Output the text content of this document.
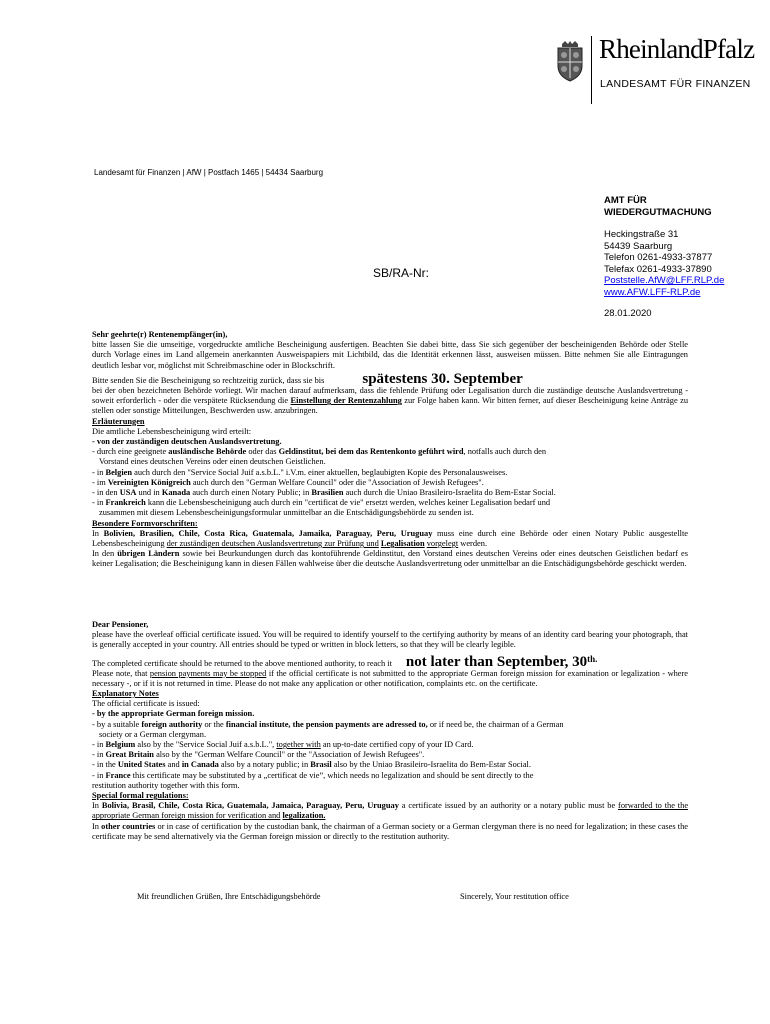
RheinlandPfalz
LANDESAMT FÜR FINANZEN
Landesamt für Finanzen | AfW | Postfach 1465 | 54434 Saarburg
AMT FÜR
WIEDERGUTMACHUNG
Heckingstraße 31
54439 Saarburg
Telefon 0261-4933-37877
Telefax 0261-4933-37890
Poststelle.AfW@LFF.RLP.de
www.AFW.LFF-RLP.de
28.01.2020
SB/RA-Nr:

Sehr geehrte(r) Rentenempfänger(in),

bitte lassen Sie die umseitige, vorgedruckte amtliche Bescheinigung ausfertigen. Beachten Sie dabei bitte, dass Sie sich gegenüber der bescheinigenden Behörde oder Stelle durch Vorlage eines im Land allgemein anerkannten Ausweispapiers mit Lichtbild, das die Identität erkennen lässt, ausweisen müssen. Bitte nehmen Sie alle Eintragungen deutlich lesbar vor, möglichst mit Schreibmaschine oder in Blockschrift.

Bitte senden Sie die Bescheinigung so rechtzeitig zurück, dass sie bis	spätestens 30. September

bei der oben bezeichneten Behörde vorliegt. Wir machen darauf aufmerksam, dass die fehlende Prüfung oder Legalisation durch die zuständige deutsche Auslandsvertretung - soweit erforderlich - oder die verspätete Rücksendung die Einstellung der Rentenzahlung zur Folge haben kann. Wir bitten ferner, auf dieser Bescheinigung keine Anträge zu stellen oder sonstige Mitteilungen, Beschwerden usw. anzubringen.

Erläuterungen

Die amtliche Lebensbescheinigung wird erteilt:

- von der zuständigen deutschen Auslandsvertretung.

- durch eine geeignete ausländische Behörde oder das Geldinstitut, bei dem das Rentenkonto geführt wird, notfalls auch durch den

Vorstand eines deutschen Vereins oder einen deutschen Geistlichen.

- in Belgien auch durch den "Service Social Juif a.s.b.L." i.V.m. einer aktuellen, beglaubigten Kopie des Personalausweises.

- im Vereinigten Königreich auch durch den "German Welfare Council" oder die "Association of Jewish Refugees".

- in den USA und in Kanada auch durch einen Notary Public; in Brasilien auch durch die Uniao Brasileiro-Israelita do Bem-Estar Social.

- in Frankreich kann die Lebensbescheinigung auch durch ein "certificat de vie" ersetzt werden, welches keiner Legalisation bedarf und

zusammen mit diesem Lebensbescheinigungsformular unmittelbar an die Entschädigungsbehörde zu senden ist.

Besondere Formvorschriften:

In Bolivien, Brasilien, Chile, Costa Rica, Guatemala, Jamaika, Paraguay, Peru, Uruguay muss eine durch eine Behörde oder einen Notary Public ausgestellte Lebensbescheinigung der zuständigen deutschen Auslandsvertretung zur Prüfung und Legalisation vorgelegt werden.

In den übrigen Ländern sowie bei Beurkundungen durch das kontoführende Geldinstitut, den Vorstand eines deutschen Vereins oder eines deutschen Geistlichen bedarf es keiner Legalisation; die Bescheinigung kann in diesen Fällen wahlweise über die deutsche Auslandsvertretung oder unmittelbar an die Entschädigungsbehörde geschickt werden.

Dear Pensioner,

please have the overleaf official certificate issued. You will be required to identify yourself to the certifying authority by means of an identity card bearing your photograph, that is generally accepted in your country. All entries should be typed or written in block letters, so that they will be clearly legible.

The completed certificate should be returned to the above mentioned authority, to reach it not later than September, $30^{th.}$

Please note, that pension payments may be stopped if the official certificate is not submitted to the appropriate German foreign mission for examination or legalization - where necessary -, or if it is not returned in time. Please do not make any application or other notification, complaints etc. on the certificate.

Explanatory Notes

The official certificate is issued:

- by the appropriate German foreign mission.

- by a suitable foreign authority or the financial institute, the pension payments are adressed to, or if need be, the chairman of a German

society or a German clergyman.

- in Belgium also by the "Service Social Juif a.s.b.L.", together with an up-to-date certified copy of your ID Card.

- in Great Britain also by the "German Welfare Council" or the "Association of Jewish Refugees".

- in the United States and in Canada also by a notary public; in Brasil also by the Uniao Brasileiro-Israelita do Bem-Estar Social.

- in France this certificate may be substituted by a „certificat de vie”, which needs no legalization and should be sent directly to the

restitution authority together with this form.

Special formal regulations:

In Bolivia, Brasil, Chile, Costa Rica, Guatemala, Jamaica, Paraguay, Peru, Uruguay a certificate issued by an authority or a notary public must be forwarded to the the appropriate German foreign mission for verification and legalization.

In other countries or in case of certification by the custodian bank, the chairman of a German society or a German clergyman there is no need for legalization; in these cases the certificate may be send alternatively via the German foreign mission or directly to the restitution authority.

Mit freundlichen Grüßen, Ihre Entschädigungsbehörde	Sincerely, Your restitution office
